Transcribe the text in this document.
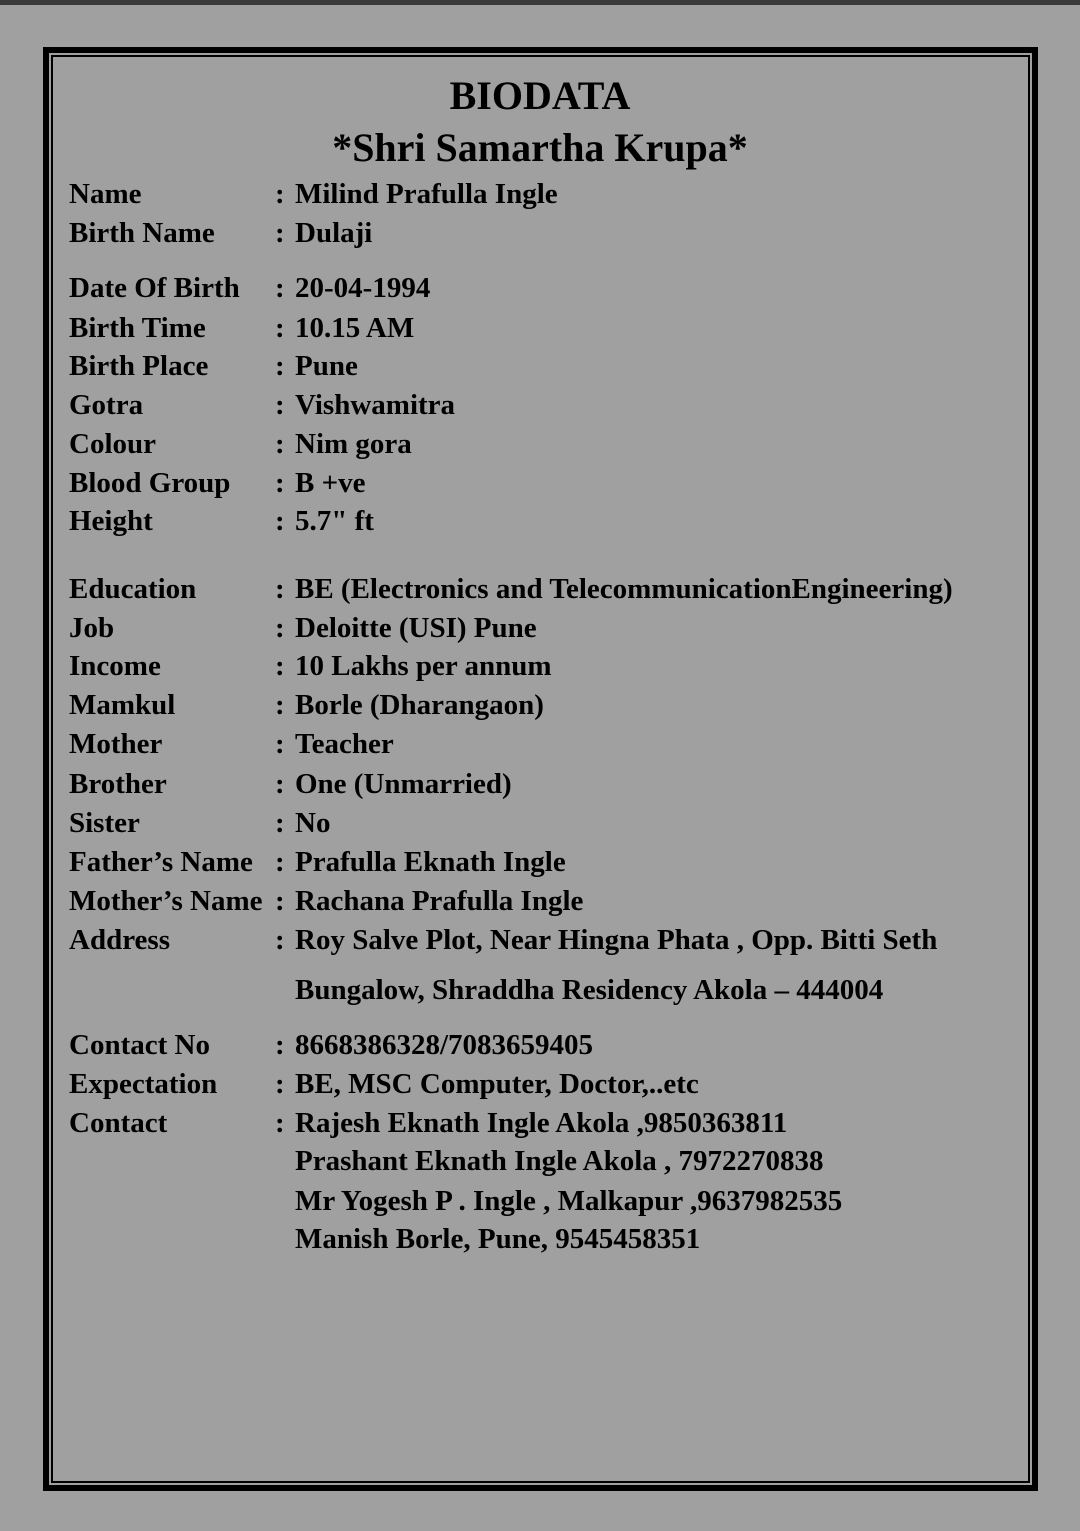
BIODATA
*Shri Samartha Krupa*
Name	: Milind Prafulla Ingle
Birth Name : Dulaji
Date Of Birth : 20-04-1994
Birth Time : 10.15 AM
Birth Place : Pune
Gotra	: Vishwamitra
Colour	: Nim gora
Blood Group : B +ve
Height	: 5.7" ft
Education	: BE (Electronics and TelecommunicationEngineering)
Job	: Deloitte (USI) Pune
Income	: 10 Lakhs per annum
Mamkul	: Borle (Dharangaon)
Mother	: Teacher
Brother	: One (Unmarried)
Sister	: No
Father’s Name : Prafulla Eknath Ingle
Mother’s Name : Rachana Prafulla Ingle
Address	: Roy Salve Plot, Near Hingna Phata , Opp. Bitti Seth
Bungalow, Shraddha Residency Akola – 444004
Contact No : 8668386328/7083659405
Expectation : BE, MSC Computer, Doctor,..etc
Contact	: Rajesh Eknath Ingle Akola ,9850363811
Prashant Eknath Ingle Akola , 7972270838
Mr Yogesh P . Ingle , Malkapur ,9637982535
Manish Borle, Pune, 9545458351
